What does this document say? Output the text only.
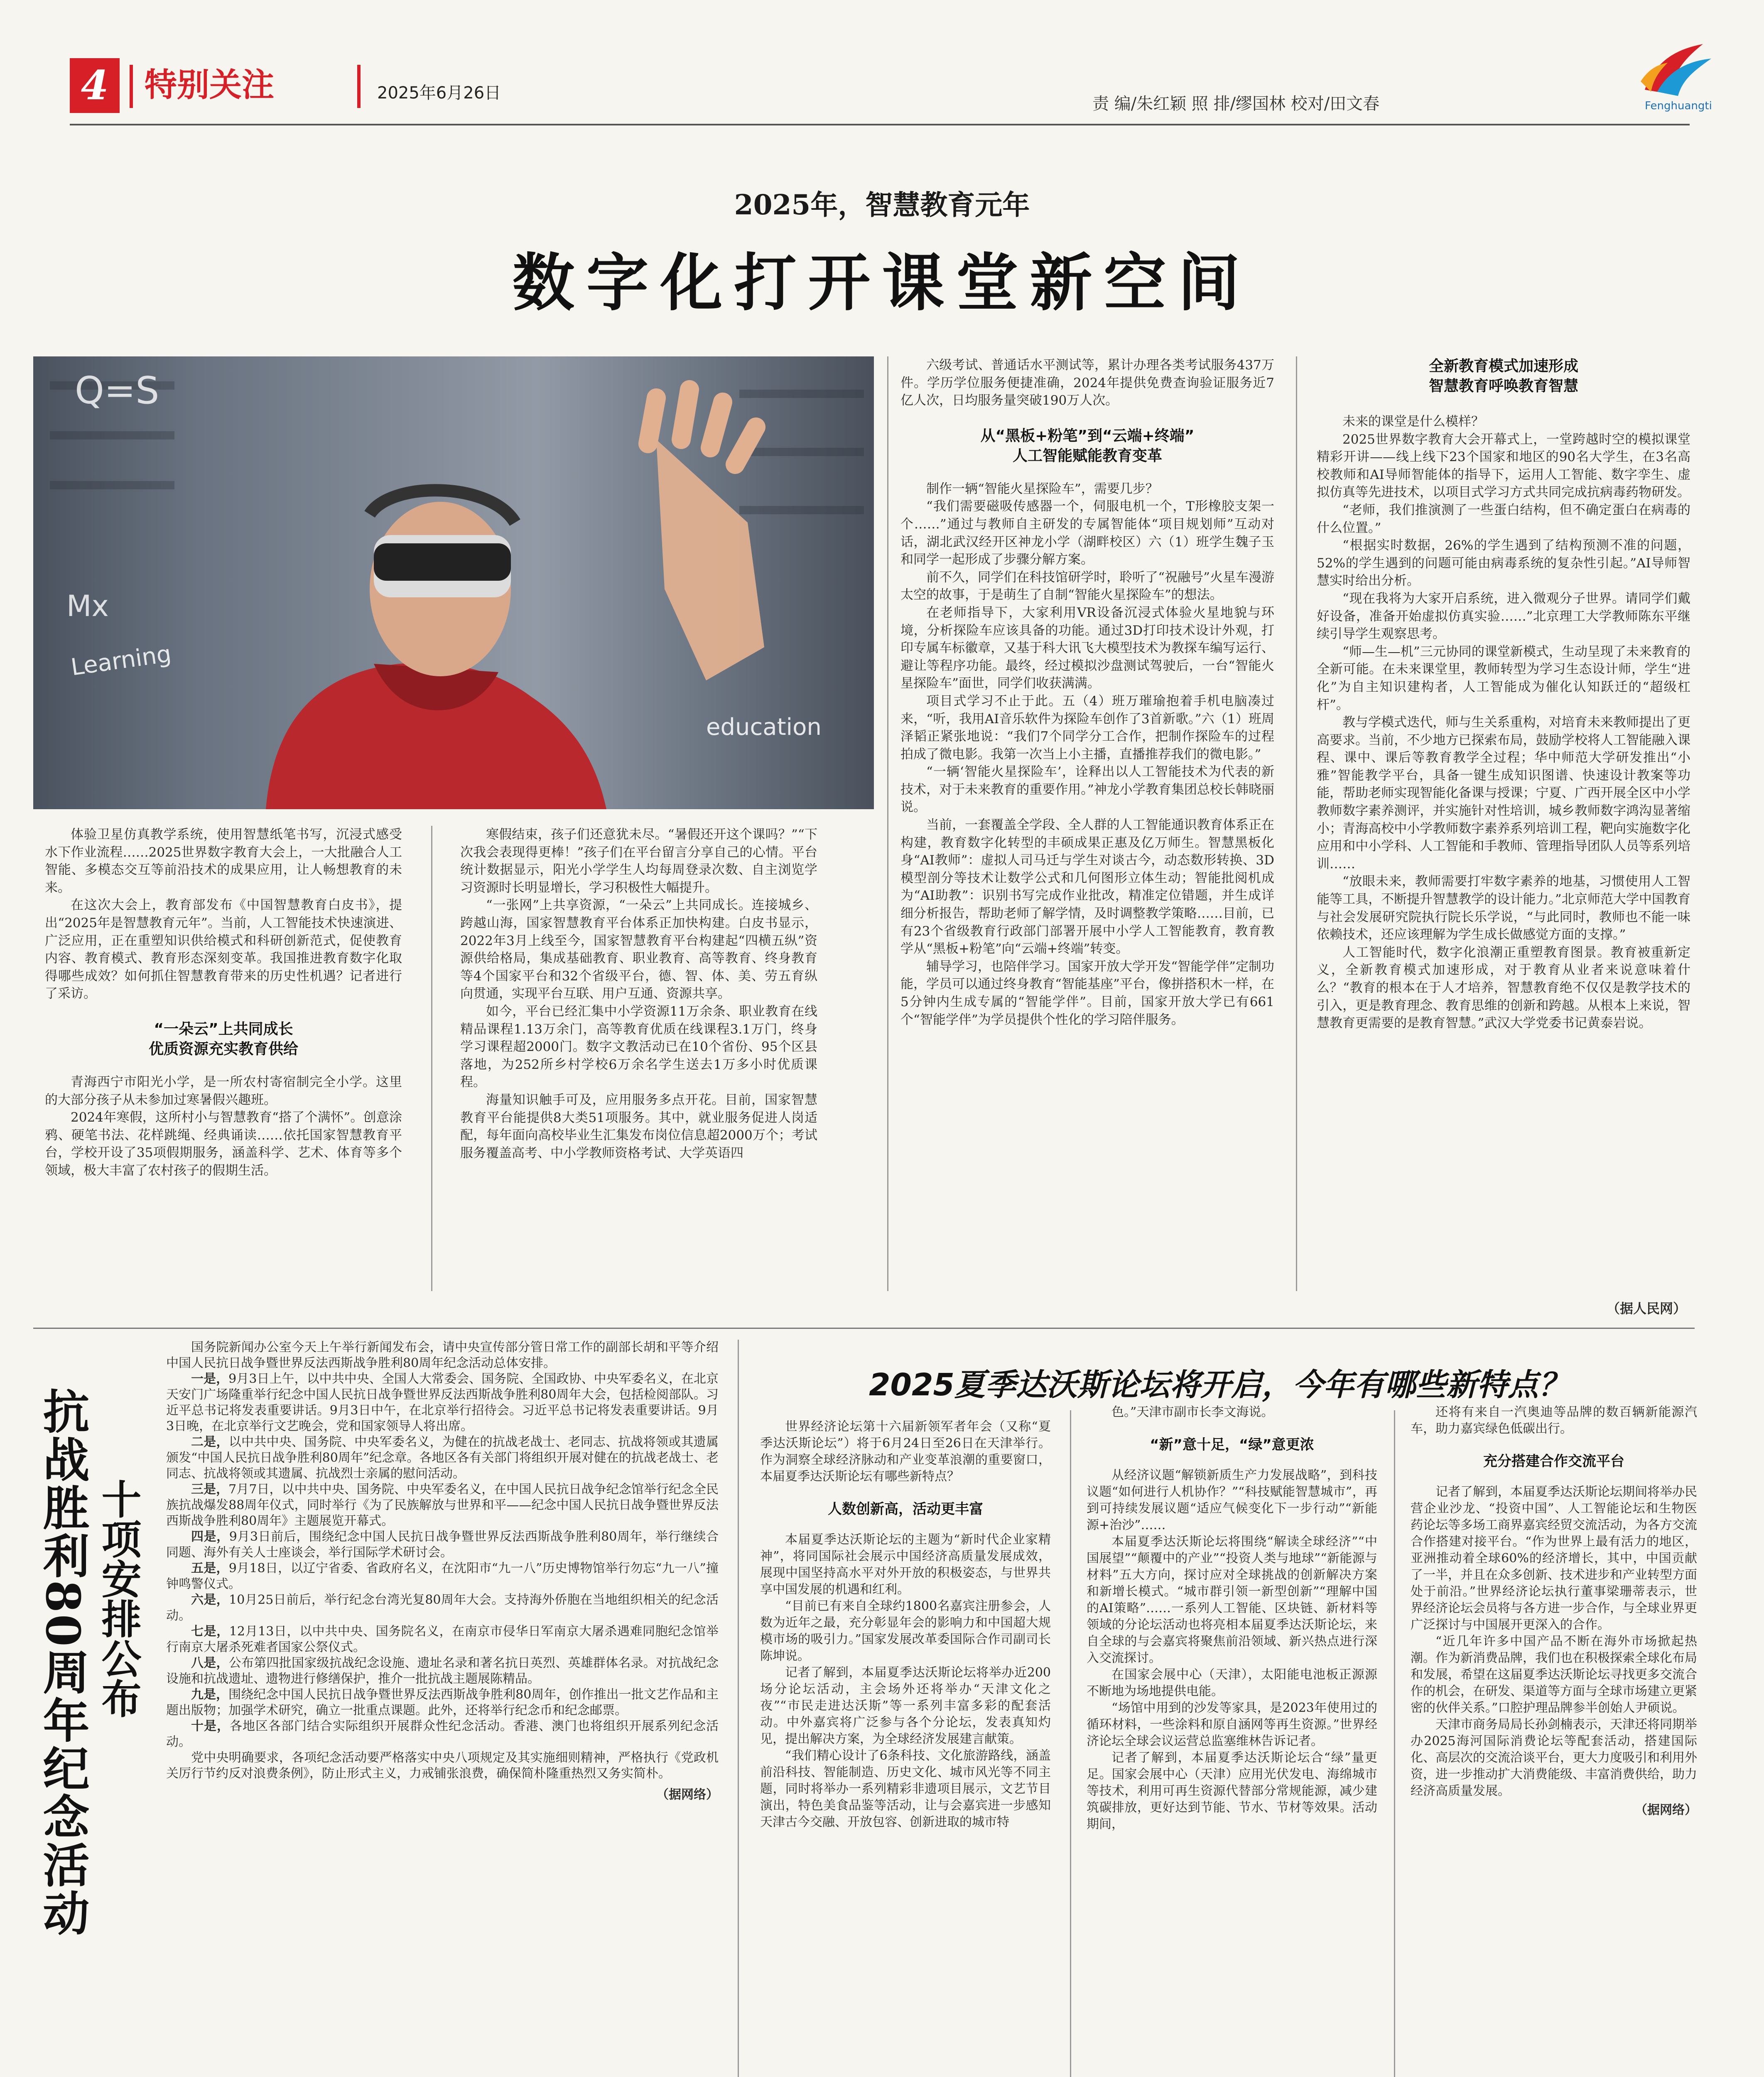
4	特别关注	2025年6月26日
责 编/朱红颖 照 排/缪国林 校对/田文春	Fenghuangti
2025年，智慧教育元年
数字化打开课堂新空间
Q=S
Mx
Learning
education

体验卫星仿真教学系统，使用智慧纸笔书写，沉浸式感受水下作业流程……2025世界数字教育大会上，一大批融合人工智能、多模态交互等前沿技术的成果应用，让人畅想教育的未来。

在这次大会上，教育部发布《中国智慧教育白皮书》，提出“2025年是智慧教育元年”。当前，人工智能技术快速演进、广泛应用，正在重塑知识供给模式和科研创新范式，促使教育内容、教育模式、教育形态深刻变革。我国推进教育数字化取得哪些成效？如何抓住智慧教育带来的历史性机遇？记者进行了采访。

“一朵云”上共同成长
优质资源充实教育供给

青海西宁市阳光小学，是一所农村寄宿制完全小学。这里的大部分孩子从未参加过寒暑假兴趣班。

2024年寒假，这所村小与智慧教育“搭了个满怀”。创意涂鸦、硬笔书法、花样跳绳、经典诵读……依托国家智慧教育平台，学校开设了35项假期服务，涵盖科学、艺术、体育等多个领域，极大丰富了农村孩子的假期生活。

寒假结束，孩子们还意犹未尽。“暑假还开这个课吗？”“下次我会表现得更棒！”孩子们在平台留言分享自己的心情。平台统计数据显示，阳光小学学生人均每周登录次数、自主浏览学习资源时长明显增长，学习积极性大幅提升。

“一张网”上共享资源，“一朵云”上共同成长。连接城乡、跨越山海，国家智慧教育平台体系正加快构建。白皮书显示，2022年3月上线至今，国家智慧教育平台构建起“四横五纵”资源供给格局，集成基础教育、职业教育、高等教育、终身教育等4个国家平台和32个省级平台，德、智、体、美、劳五育纵向贯通，实现平台互联、用户互通、资源共享。

如今，平台已经汇集中小学资源11万余条、职业教育在线精品课程1.13万余门，高等教育优质在线课程3.1万门，终身学习课程超2000门。数字文教活动已在10个省份、95个区县落地，为252所乡村学校6万余名学生送去1万多小时优质课程。

海量知识触手可及，应用服务多点开花。目前，国家智慧教育平台能提供8大类51项服务。其中，就业服务促进人岗适配，每年面向高校毕业生汇集发布岗位信息超2000万个；考试服务覆盖高考、中小学教师资格考试、大学英语四

六级考试、普通话水平测试等，累计办理各类考试服务437万件。学历学位服务便捷准确，2024年提供免费查询验证服务近7亿人次，日均服务量突破190万人次。

从“黑板+粉笔”到“云端+终端”
人工智能赋能教育变革

制作一辆“智能火星探险车”，需要几步？

“我们需要磁吸传感器一个，伺服电机一个，T形橡胶支架一个……”通过与教师自主研发的专属智能体“项目规划师”互动对话，湖北武汉经开区神龙小学（湖畔校区）六（1）班学生魏子玉和同学一起形成了步骤分解方案。

前不久，同学们在科技馆研学时，聆听了“祝融号”火星车漫游太空的故事，于是萌生了自制“智能火星探险车”的想法。

在老师指导下，大家利用VR设备沉浸式体验火星地貌与环境，分析探险车应该具备的功能。通过3D打印技术设计外观，打印专属车标徽章，又基于科大讯飞大模型技术为教探车编写运行、避让等程序功能。最终，经过模拟沙盘测试驾驶后，一台“智能火星探险车”面世，同学们收获满满。

项目式学习不止于此。五（4）班万璀瑜抱着手机电脑凑过来，“听，我用AI音乐软件为探险车创作了3首新歌。”六（1）班周泽韬正紧张地说：“我们7个同学分工合作，把制作探险车的过程拍成了微电影。我第一次当上小主播，直播推荐我们的微电影。”

“一辆‘智能火星探险车’，诠释出以人工智能技术为代表的新技术，对于未来教育的重要作用。”神龙小学教育集团总校长韩晓丽说。

当前，一套覆盖全学段、全人群的人工智能通识教育体系正在构建，教育数字化转型的丰硕成果正惠及亿万师生。智慧黑板化身“AI教师”：虚拟人司马迁与学生对谈古今，动态数形转换、3D模型剖分等技术让数学公式和几何图形立体生动；智能批阅机成为“AI助教”：识别书写完成作业批改，精准定位错题，并生成详细分析报告，帮助老师了解学情，及时调整教学策略……目前，已有23个省级教育行政部门部署开展中小学人工智能教育，教育教学从“黑板+粉笔”向“云端+终端”转变。

辅导学习，也陪伴学习。国家开放大学开发“智能学伴”定制功能，学员可以通过终身教育“智能基座”平台，像拼搭积木一样，在5分钟内生成专属的“智能学伴”。目前，国家开放大学已有661个“智能学伴”为学员提供个性化的学习陪伴服务。

全新教育模式加速形成
智慧教育呼唤教育智慧

未来的课堂是什么模样？

2025世界数字教育大会开幕式上，一堂跨越时空的模拟课堂精彩开讲——线上线下23个国家和地区的90名大学生，在3名高校教师和AI导师智能体的指导下，运用人工智能、数字孪生、虚拟仿真等先进技术，以项目式学习方式共同完成抗病毒药物研发。

“老师，我们推演测了一些蛋白结构，但不确定蛋白在病毒的什么位置。”

“根据实时数据，26%的学生遇到了结构预测不准的问题，52%的学生遇到的问题可能由病毒系统的复杂性引起。”AI导师智慧实时给出分析。

“现在我将为大家开启系统，进入微观分子世界。请同学们戴好设备，准备开始虚拟仿真实验……”北京理工大学教师陈东平继续引导学生观察思考。

“师—生—机”三元协同的课堂新模式，生动呈现了未来教育的全新可能。在未来课堂里，教师转型为学习生态设计师，学生“进化”为自主知识建构者，人工智能成为催化认知跃迁的“超级杠杆”。

教与学模式迭代，师与生关系重构，对培育未来教师提出了更高要求。当前，不少地方已探索布局，鼓励学校将人工智能融入课程、课中、课后等教育教学全过程；华中师范大学研发推出“小雅”智能教学平台，具备一键生成知识图谱、快速设计教案等功能，帮助老师实现智能化备课与授课；宁夏、广西开展全区中小学教师数字素养测评，并实施针对性培训，城乡教师数字鸿沟显著缩小；青海高校中小学教师数字素养系列培训工程，靶向实施数字化应用和中小学科、人工智能和手教师、管理指导团队人员等系列培训……

“放眼未来，教师需要打牢数字素养的地基，习惯使用人工智能等工具，不断提升智慧教学的设计能力。”北京师范大学中国教育与社会发展研究院执行院长乐学说，“与此同时，教师也不能一味依赖技术，还应该理解为学生成长做感觉方面的支撑。”

人工智能时代，数字化浪潮正重塑教育图景。教育被重新定义，全新教育模式加速形成，对于教育从业者来说意味着什么？“教育的根本在于人才培养，智慧教育绝不仅仅是教学技术的引入，更是教育理念、教育思维的创新和跨越。从根本上来说，智慧教育更需要的是教育智慧。”武汉大学党委书记黄泰岩说。

（据人民网）
抗战胜利80周年纪念活动 十项安排公布

国务院新闻办公室今天上午举行新闻发布会，请中央宣传部分管日常工作的副部长胡和平等介绍中国人民抗日战争暨世界反法西斯战争胜利80周年纪念活动总体安排。

一是，9月3日上午，以中共中央、全国人大常委会、国务院、全国政协、中央军委名义，在北京天安门广场隆重举行纪念中国人民抗日战争暨世界反法西斯战争胜利80周年大会，包括检阅部队。习近平总书记将发表重要讲话。9月3日中午，在北京举行招待会。习近平总书记将发表重要讲话。9月3日晚，在北京举行文艺晚会，党和国家领导人将出席。

二是，以中共中央、国务院、中央军委名义，为健在的抗战老战士、老同志、抗战将领或其遗属颁发“中国人民抗日战争胜利80周年”纪念章。各地区各有关部门将组织开展对健在的抗战老战士、老同志、抗战将领或其遗属、抗战烈士亲属的慰问活动。

三是，7月7日，以中共中央、国务院、中央军委名义，在中国人民抗日战争纪念馆举行纪念全民族抗战爆发88周年仪式，同时举行《为了民族解放与世界和平——纪念中国人民抗日战争暨世界反法西斯战争胜利80周年》主题展览开幕式。

四是，9月3日前后，围绕纪念中国人民抗日战争暨世界反法西斯战争胜利80周年，举行继续合同题、海外有关人士座谈会，举行国际学术研讨会。

五是，9月18日，以辽宁省委、省政府名义，在沈阳市“九一八”历史博物馆举行勿忘“九一八”撞钟鸣警仪式。

六是，10月25日前后，举行纪念台湾光复80周年大会。支持海外侨胞在当地组织相关的纪念活动。

七是，12月13日，以中共中央、国务院名义，在南京市侵华日军南京大屠杀遇难同胞纪念馆举行南京大屠杀死难者国家公祭仪式。

八是，公布第四批国家级抗战纪念设施、遗址名录和著名抗日英烈、英雄群体名录。对抗战纪念设施和抗战遗址、遗物进行修缮保护，推介一批抗战主题展陈精品。

九是，围绕纪念中国人民抗日战争暨世界反法西斯战争胜利80周年，创作推出一批文艺作品和主题出版物；加强学术研究，确立一批重点课题。此外，还将举行纪念币和纪念邮票。

十是，各地区各部门结合实际组织开展群众性纪念活动。香港、澳门也将组织开展系列纪念活动。

党中央明确要求，各项纪念活动要严格落实中央八项规定及其实施细则精神，严格执行《党政机关厉行节约反对浪费条例》，防止形式主义，力戒铺张浪费，确保简朴隆重热烈又务实简朴。

（据网络）
2025夏季达沃斯论坛将开启，今年有哪些新特点？

世界经济论坛第十六届新领军者年会（又称“夏季达沃斯论坛”）将于6月24日至26日在天津举行。作为洞察全球经济脉动和产业变革浪潮的重要窗口，本届夏季达沃斯论坛有哪些新特点？

人数创新高，活动更丰富

本届夏季达沃斯论坛的主题为“新时代企业家精神”，将同国际社会展示中国经济高质量发展成效，展现中国坚持高水平对外开放的积极姿态，与世界共享中国发展的机遇和红利。

“目前已有来自全球约1800名嘉宾注册参会，人数为近年之最，充分彰显年会的影响力和中国超大规模市场的吸引力。”国家发展改革委国际合作司副司长陈坤说。

记者了解到，本届夏季达沃斯论坛将举办近200场分论坛活动，主会场外还将举办“天津文化之夜”“市民走进达沃斯”等一系列丰富多彩的配套活动。中外嘉宾将广泛参与各个分论坛，发表真知灼见，提出解决方案，为全球经济发展建言献策。

“我们精心设计了6条科技、文化旅游路线，涵盖前沿科技、智能制造、历史文化、城市风光等不同主题，同时将举办一系列精彩非遗项目展示，文艺节目演出，特色美食品鉴等活动，让与会嘉宾进一步感知天津古今交融、开放包容、创新进取的城市特

色。”天津市副市长李文海说。

“新”意十足，“绿”意更浓

从经济议题“解锁新质生产力发展战略”，到科技议题“如何进行人机协作？”“科技赋能智慧城市”，再到可持续发展议题“适应气候变化下一步行动”“新能源+治沙”……

本届夏季达沃斯论坛将围绕“解读全球经济”“中国展望”“颠覆中的产业”“投资人类与地球”“新能源与材料”五大方向，探讨应对全球挑战的创新解决方案和新增长模式。“城市群引领一新型创新”“理解中国的AI策略”……一系列人工智能、区块链、新材料等领域的分论坛活动也将亮相本届夏季达沃斯论坛，来自全球的与会嘉宾将聚焦前沿领域、新兴热点进行深入交流探讨。

在国家会展中心（天津），太阳能电池板正源源不断地为场地提供电能。

“场馆中用到的沙发等家具，是2023年使用过的循环材料，一些涂料和原自涵网等再生资源。”世界经济论坛全球会议运营总监塞维林告诉记者。

记者了解到，本届夏季达沃斯论坛合“绿”量更足。国家会展中心（天津）应用光伏发电、海绵城市等技术，利用可再生资源代替部分常规能源，减少建筑碳排放，更好达到节能、节水、节材等效果。活动期间，

还将有来自一汽奥迪等品牌的数百辆新能源汽车，助力嘉宾绿色低碳出行。

充分搭建合作交流平台

记者了解到，本届夏季达沃斯论坛期间将举办民营企业沙龙、“投资中国”、人工智能论坛和生物医药论坛等多场工商界嘉宾经贸交流活动，为各方交流合作搭建对接平台。“作为世界上最有活力的地区，亚洲推动着全球60%的经济增长，其中，中国贡献了一半，并且在众多创新、技术进步和产业转型方面处于前沿。”世界经济论坛执行董事梁珊蒂表示，世界经济论坛会员将与各方进一步合作，与全球业界更广泛探讨与中国展开更深入的合作。

“近几年许多中国产品不断在海外市场掀起热潮。作为新消费品牌，我们也在积极探索全球化布局和发展，希望在这届夏季达沃斯论坛寻找更多交流合作的机会，在研发、渠道等方面与全球市场建立更紧密的伙伴关系。”口腔护理品牌参半创始人尹硕说。

天津市商务局局长孙剑楠表示，天津还将同期举办2025海河国际消费论坛等配套活动，搭建国际化、高层次的交流洽谈平台，更大力度吸引和利用外资，进一步推动扩大消费能级、丰富消费供给，助力经济高质量发展。

（据网络）
